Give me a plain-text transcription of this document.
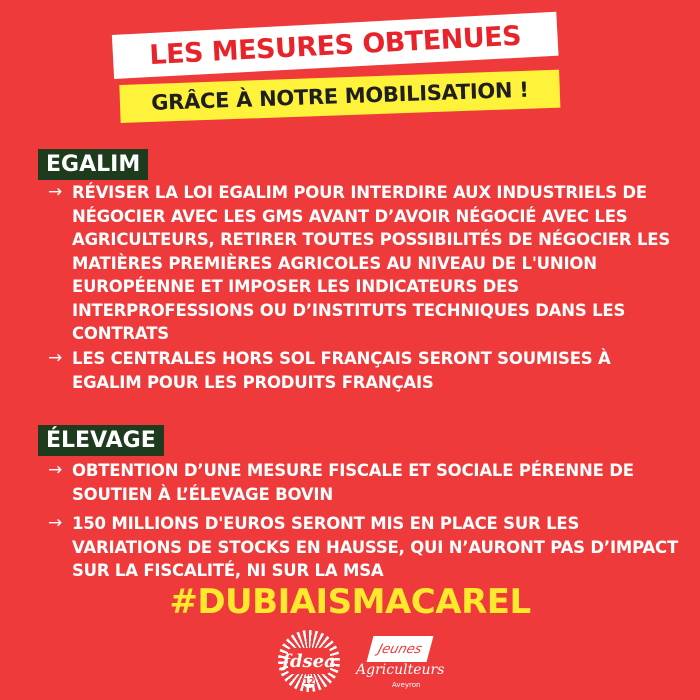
LES MESURES OBTENUES
GRÂCE À NOTRE MOBILISATION !
EGALIM
→ RÉVISER LA LOI EGALIM POUR INTERDIRE AUX INDUSTRIELS DE NÉGOCIER AVEC LES GMS AVANT D’AVOIR NÉGOCIÉ AVEC LES AGRICULTEURS, RETIRER TOUTES POSSIBILITÉS DE NÉGOCIER LES MATIÈRES PREMIÈRES AGRICOLES AU NIVEAU DE L'UNION EUROPÉENNE ET IMPOSER LES INDICATEURS DES INTERPROFESSIONS OU D’INSTITUTS TECHNIQUES DANS LES CONTRATS
→ LES CENTRALES HORS SOL FRANÇAIS SERONT SOUMISES À EGALIM POUR LES PRODUITS FRANÇAIS
ÉLEVAGE
→ OBTENTION D’UNE MESURE FISCALE ET SOCIALE PÉRENNE DE SOUTIEN À L’ÉLEVAGE BOVIN
→ 150 MILLIONS D'EUROS SERONT MIS EN PLACE SUR LES VARIATIONS DE STOCKS EN HAUSSE, QUI N’AURONT PAS D’IMPACT SUR LA FISCALITÉ, NI SUR LA MSA
#DUBIAISMACAREL
fdsea
12
Jeunes
Agriculteurs
Aveyron
